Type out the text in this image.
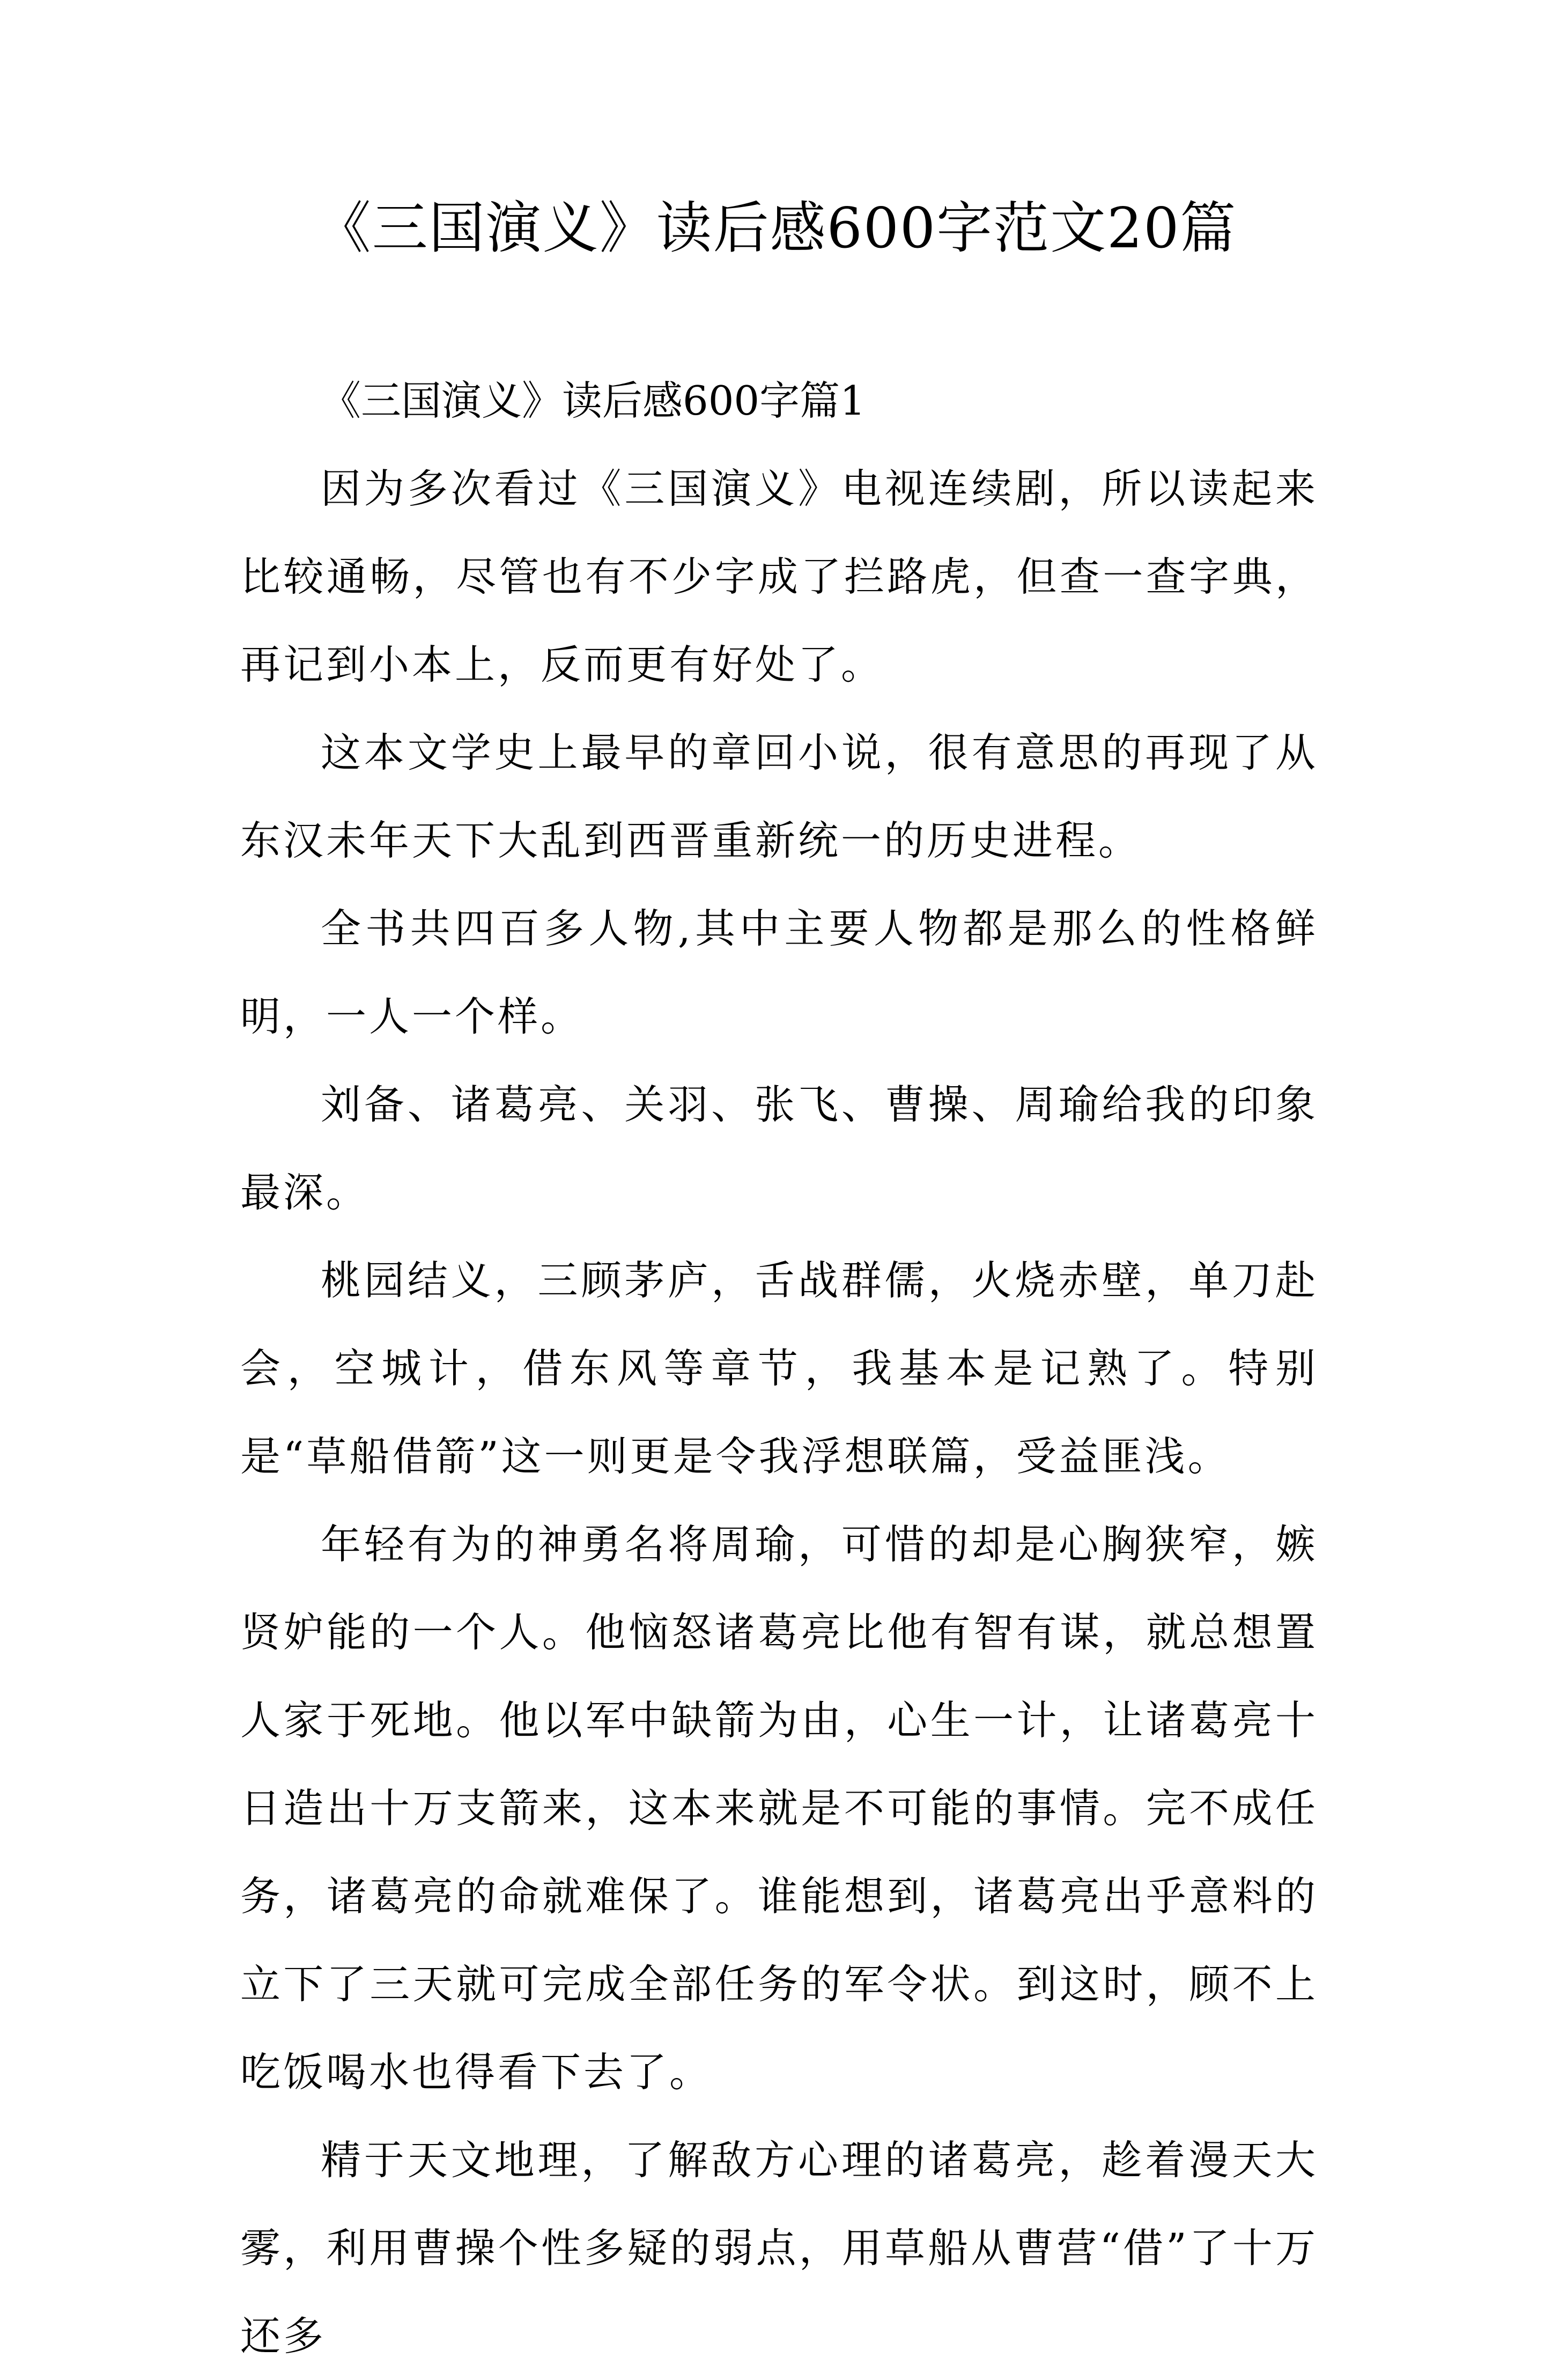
《三国演义》读后感600字范文20篇

《三国演义》读后感600字篇1

因为多次看过《三国演义》电视连续剧，所以读起来比较通畅，尽管也有不少字成了拦路虎，但查一查字典，再记到小本上，反而更有好处了。

这本文学史上最早的章回小说，很有意思的再现了从东汉未年天下大乱到西晋重新统一的历史进程。

全书共四百多人物,其中主要人物都是那么的性格鲜明，一人一个样。

刘备、诸葛亮、关羽、张飞、曹操、周瑜给我的印象最深。

桃园结义，三顾茅庐，舌战群儒，火烧赤壁，单刀赴会，空城计，借东风等章节，我基本是记熟了。特别是“草船借箭”这一则更是令我浮想联篇，受益匪浅。

年轻有为的神勇名将周瑜，可惜的却是心胸狭窄，嫉贤妒能的一个人。他恼怒诸葛亮比他有智有谋，就总想置人家于死地。他以军中缺箭为由，心生一计，让诸葛亮十日造出十万支箭来，这本来就是不可能的事情。完不成任务，诸葛亮的命就难保了。谁能想到，诸葛亮出乎意料的立下了三天就可完成全部任务的军令状。到这时，顾不上吃饭喝水也得看下去了。

精于天文地理，了解敌方心理的诸葛亮，趁着漫天大雾，利用曹操个性多疑的弱点，用草船从曹营“借”了十万还多
